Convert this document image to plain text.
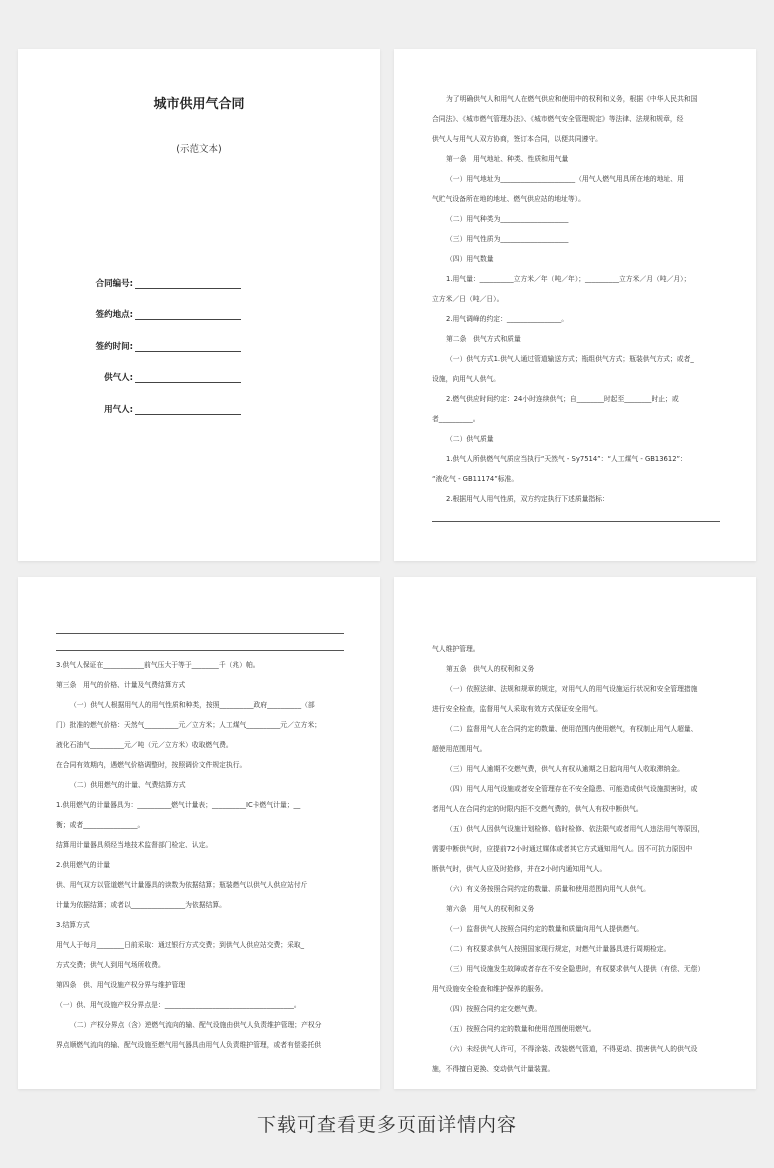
城市供用气合同
(示范文本)
合同编号:
签约地点:
签约时间:
供气人:
用气人:
为了明确供气人和用气人在燃气供应和使用中的权利和义务，根据《中华人民共和国
合同法》、《城市燃气管理办法》、《城市燃气安全管理规定》等法律、法规和规章，经
供气人与用气人双方协商，签订本合同，以便共同遵守。
第一条　用气地址、种类、性质和用气量
（一）用气地址为______________________（用气人燃气用具所在地的地址、用
气贮气设备所在地的地址、燃气供应站的地址等）。
（二）用气种类为____________________
（三）用气性质为____________________
（四）用气数量
1.用气量：__________立方米／年（吨／年）；__________立方米／月（吨／月）；
立方米／日（吨／日）。
2.用气调峰的约定：________________。
第二条　供气方式和质量
（一）供气方式1.供气人通过管道输送方式；瓶组供气方式；瓶装供气方式；或者_
设施，向用气人供气。
2.燃气供应时间约定：24小时连续供气；自________时起至________时止；或
者__________。
（二）供气质量
1.供气人所供燃气气质应当执行“天然气 - Sy7514”：“人工煤气 - GB13612”：
“液化气 - GB11174”标准。
2.根据用气人用气性质，双方约定执行下述质量指标：
3.供气人保证在____________前气压大于等于________千（兆）帕。
第三条　用气的价格、计量及气费结算方式
（一）供气人根据用气人的用气性质和种类，按照__________政府__________（部
门）批准的燃气价格：天然气__________元／立方米；人工煤气__________元／立方米；
液化石油气__________元／吨（元／立方米）收取燃气费。
在合同有效期内，遇燃气价格调整时，按照调价文件规定执行。
（二）供用燃气的计量、气费结算方式
1.供用燃气的计量器具为：__________燃气计量表；__________IC卡燃气计量；__
衡；或者________________。
结算用计量器具须经当地技术监督部门检定、认定。
2.供用燃气的计量
供、用气双方以管道燃气计量器具的读数为依据结算；瓶装燃气以供气人供应站付斤
计量为依据结算；或者以________________为依据结算。
3.结算方式
用气人于每月________日前采取：通过银行方式交费；到供气人供应站交费；采取_
方式交费；供气人到用气场所收费。
第四条　供、用气设施产权分界与维护管理
（一）供、用气设施产权分界点是：______________________________________。
（二）产权分界点（含）逆燃气流向的输、配气设施由供气人负责维护管理；产权分
界点顺燃气流向的输、配气设施至燃气用气器具由用气人负责维护管理，或者有偿委托供
气人维护管理。
第五条　供气人的权利和义务
（一）依照法律、法规和规章的规定，对用气人的用气设施运行状况和安全管理措施
进行安全检查，监督用气人采取有效方式保证安全用气。
（二）监督用气人在合同约定的数量、使用范围内使用燃气，有权制止用气人超量、
超使用范围用气。
（三）用气人逾期不交燃气费，供气人有权从逾期之日起向用气人收取滞纳金。
（四）用气人用气设施或者安全管理存在不安全隐患、可能造成供气设施损害时，或
者用气人在合同约定的时限内拒不交燃气费的，供气人有权中断供气。
（五）供气人因供气设施计划检修、临时检修、依法限气或者用气人违法用气等原因，
需要中断供气时，应提前72小时通过媒体或者其它方式通知用气人。因不可抗力原因中
断供气时，供气人应及时抢修，并在2小时内通知用气人。
（六）有义务按照合同约定的数量、质量和使用范围向用气人供气。
第六条　用气人的权利和义务
（一）监督供气人按照合同约定的数量和质量向用气人提供燃气。
（二）有权要求供气人按照国家现行规定，对燃气计量器具进行周期检定。
（三）用气设施发生故障或者存在不安全隐患时，有权要求供气人提供（有偿、无偿）
用气设施安全检查和维护保养的服务。
（四）按照合同约定交燃气费。
（五）按照合同约定的数量和使用范围使用燃气。
（六）未经供气人许可，不得涂装、改装燃气管道，不得更动、损害供气人的供气设
施，不得擅自更换、变动供气计量装置。
下载可查看更多页面详情内容
